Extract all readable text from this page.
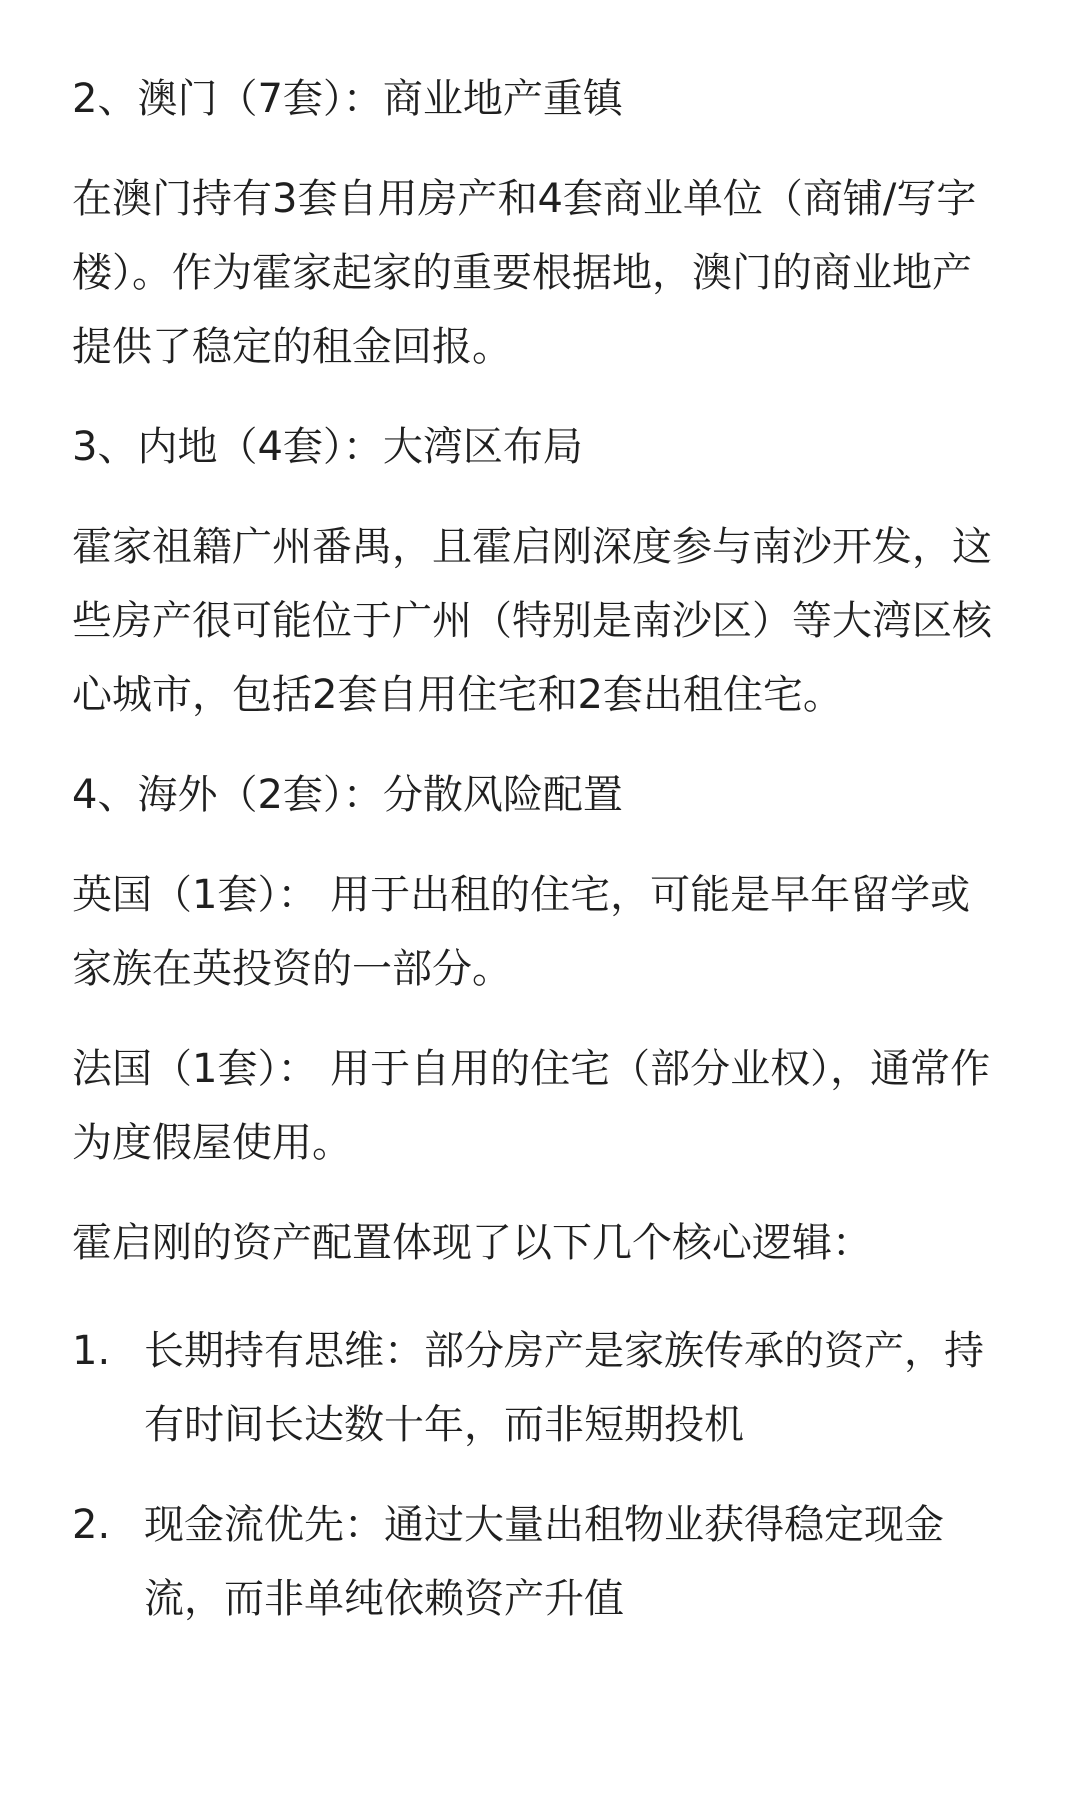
2、澳门（7套）：商业地产重镇

在澳门持有3套自用房产和4套商业单位（商铺/写字楼）。作为霍家起家的重要根据地，澳门的商业地产提供了稳定的租金回报。

3、内地（4套）：大湾区布局

霍家祖籍广州番禺，且霍启刚深度参与南沙开发，这些房产很可能位于广州（特别是南沙区）等大湾区核心城市，包括2套自用住宅和2套出租住宅。

4、海外（2套）：分散风险配置

英国（1套）： 用于出租的住宅，可能是早年留学或家族在英投资的一部分。

法国（1套）： 用于自用的住宅（部分业权），通常作为度假屋使用。

霍启刚的资产配置体现了以下几个核心逻辑：

1. 长期持有思维：部分房产是家族传承的资产，持有时间长达数十年，而非短期投机
2. 现金流优先：通过大量出租物业获得稳定现金流，而非单纯依赖资产升值
